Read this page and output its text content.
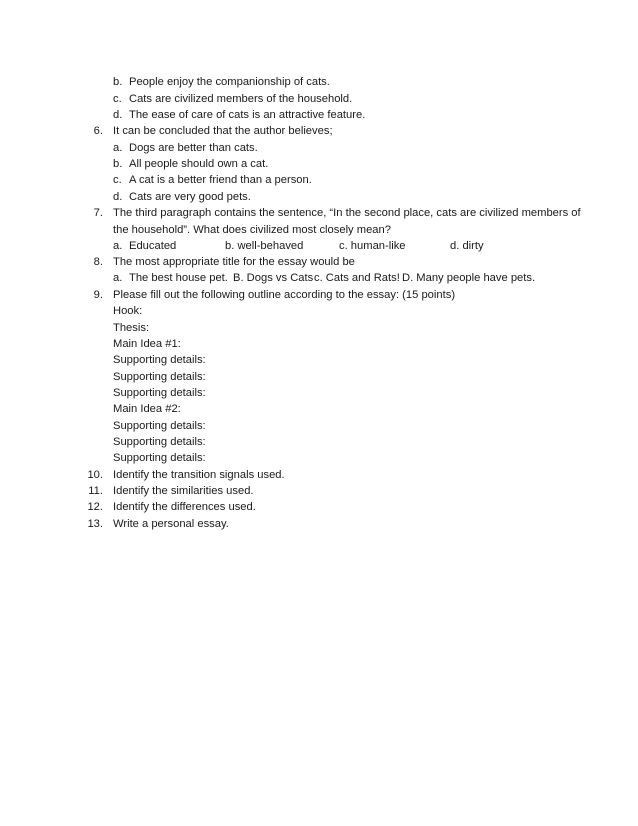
b. People enjoy the companionship of cats.
c. Cats are civilized members of the household.
d. The ease of care of cats is an attractive feature.
6. It can be concluded that the author believes;
a. Dogs are better than cats.
b. All people should own a cat.
c. A cat is a better friend than a person.
d. Cats are very good pets.
7. The third paragraph contains the sentence, “In the second place, cats are civilized members of
the household”. What does civilized most closely mean?
a. Educated	b. well-behaved	c. human-like	d. dirty
8. The most appropriate title for the essay would be
a. The best house pet. B. Dogs vs Cats c. Cats and Rats! D. Many people have pets.
9. Please fill out the following outline according to the essay: (15 points)
Hook:
Thesis:
Main Idea #1:
Supporting details:
Supporting details:
Supporting details:
Main Idea #2:
Supporting details:
Supporting details:
Supporting details:
10. Identify the transition signals used.
11. Identify the similarities used.
12. Identify the differences used.
13. Write a personal essay.
